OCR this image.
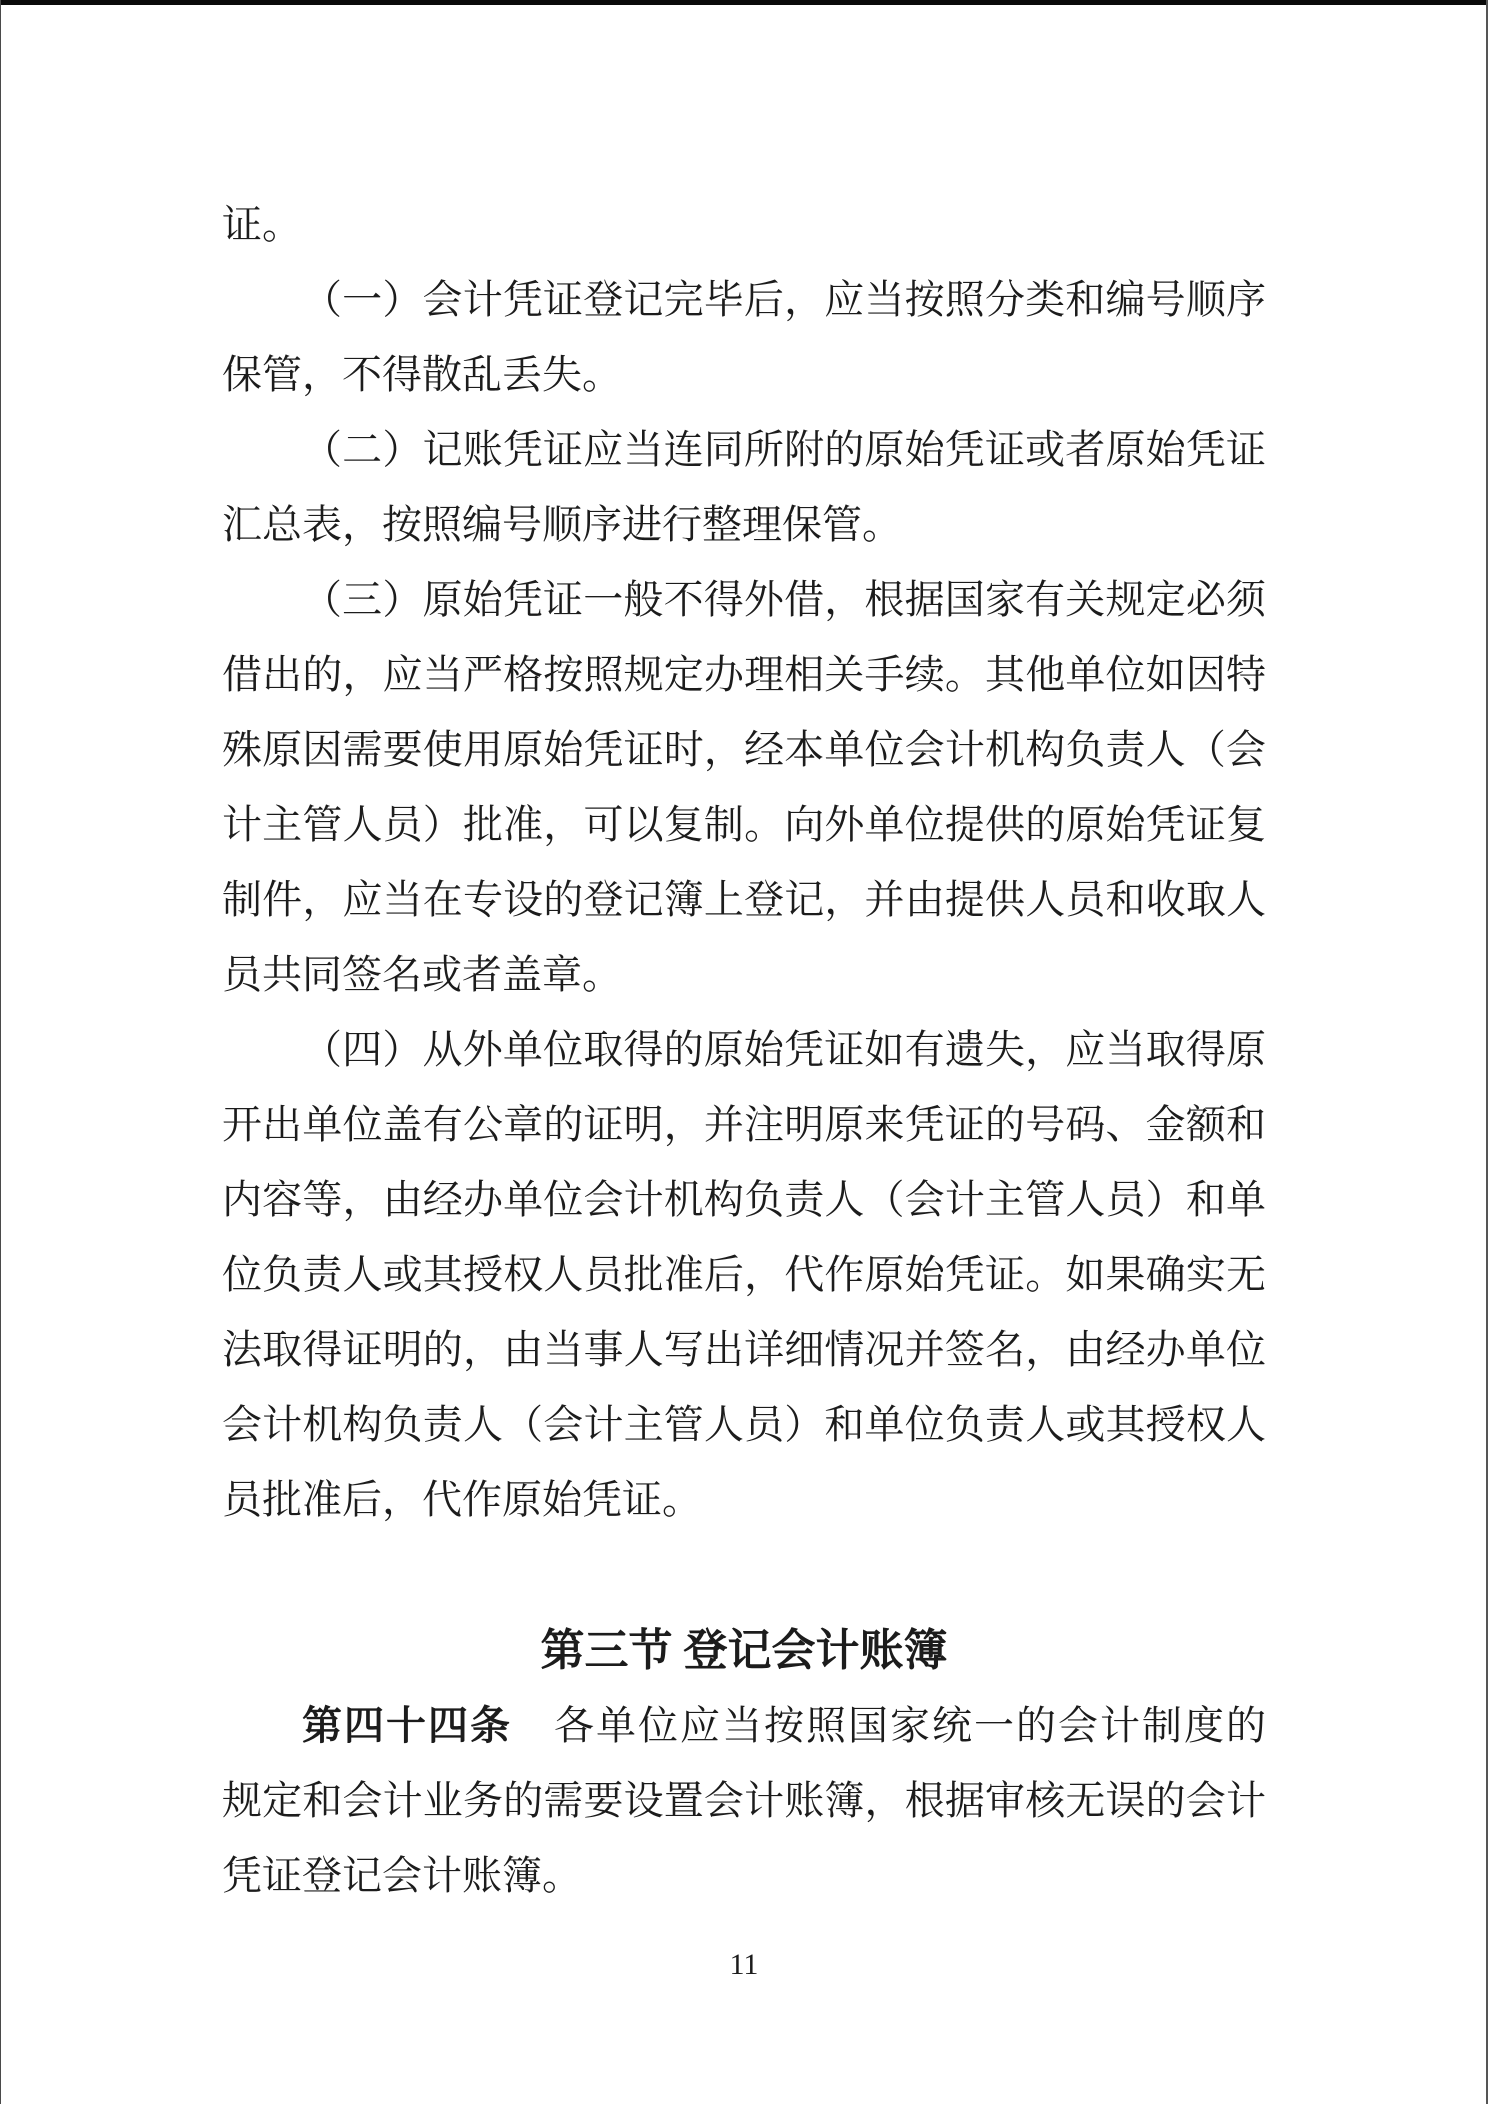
证。
（一）会计凭证登记完毕后，应当按照分类和编号顺序
保管，不得散乱丢失。
（二）记账凭证应当连同所附的原始凭证或者原始凭证
汇总表，按照编号顺序进行整理保管。
（三）原始凭证一般不得外借，根据国家有关规定必须
借出的，应当严格按照规定办理相关手续。其他单位如因特
殊原因需要使用原始凭证时，经本单位会计机构负责人（会
计主管人员）批准，可以复制。向外单位提供的原始凭证复
制件，应当在专设的登记簿上登记，并由提供人员和收取人
员共同签名或者盖章。
（四）从外单位取得的原始凭证如有遗失，应当取得原
开出单位盖有公章的证明，并注明原来凭证的号码、金额和
内容等，由经办单位会计机构负责人（会计主管人员）和单
位负责人或其授权人员批准后，代作原始凭证。如果确实无
法取得证明的，由当事人写出详细情况并签名，由经办单位
会计机构负责人（会计主管人员）和单位负责人或其授权人
员批准后，代作原始凭证。
第三节 登记会计账簿
第四十四条　 各单位应当按照国家统一的会计制度的
规定和会计业务的需要设置会计账簿，根据审核无误的会计
凭证登记会计账簿。
11
